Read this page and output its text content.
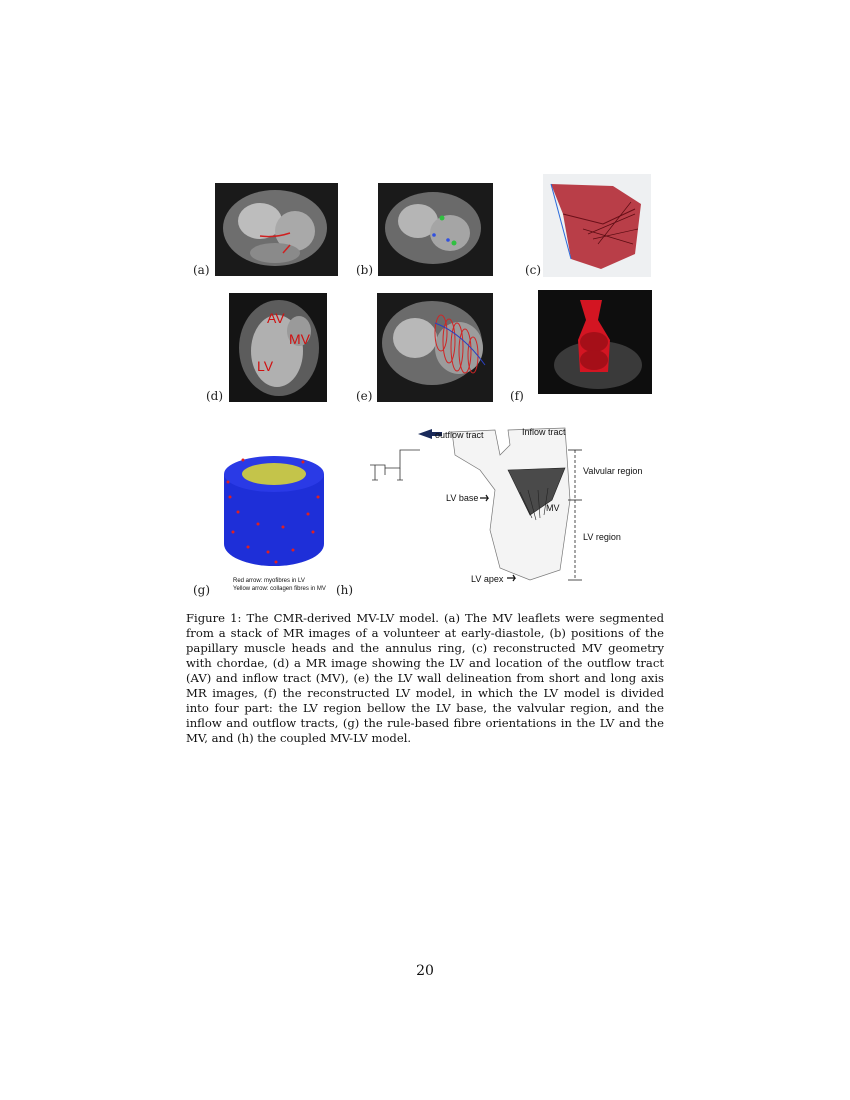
(a)	(b)	(c)
(d)
AV
MV
LV
(e)	(f)
(g)
Red arrow: myofibres in LV
Yellow arrow: collagen fibres in MV (h)
outflow tract	Inflow tract
Valvular region
LV base
MV
LV region
LV apex
Figure 1: The CMR-derived MV-LV model. (a) The MV leaflets were segmented from a stack of MR images of a volunteer at early-diastole, (b) positions of the papillary muscle heads and the annulus ring, (c) reconstructed MV geometry with chordae, (d) a MR image showing the LV and location of the outflow tract (AV) and inflow tract (MV), (e) the LV wall delineation from short and long axis MR images, (f) the reconstructed LV model, in which the LV model is divided into four part: the LV region bellow the LV base, the valvular region, and the inflow and outflow tracts, (g) the rule-based fibre orientations in the LV and the MV, and (h) the coupled MV-LV model.
20
